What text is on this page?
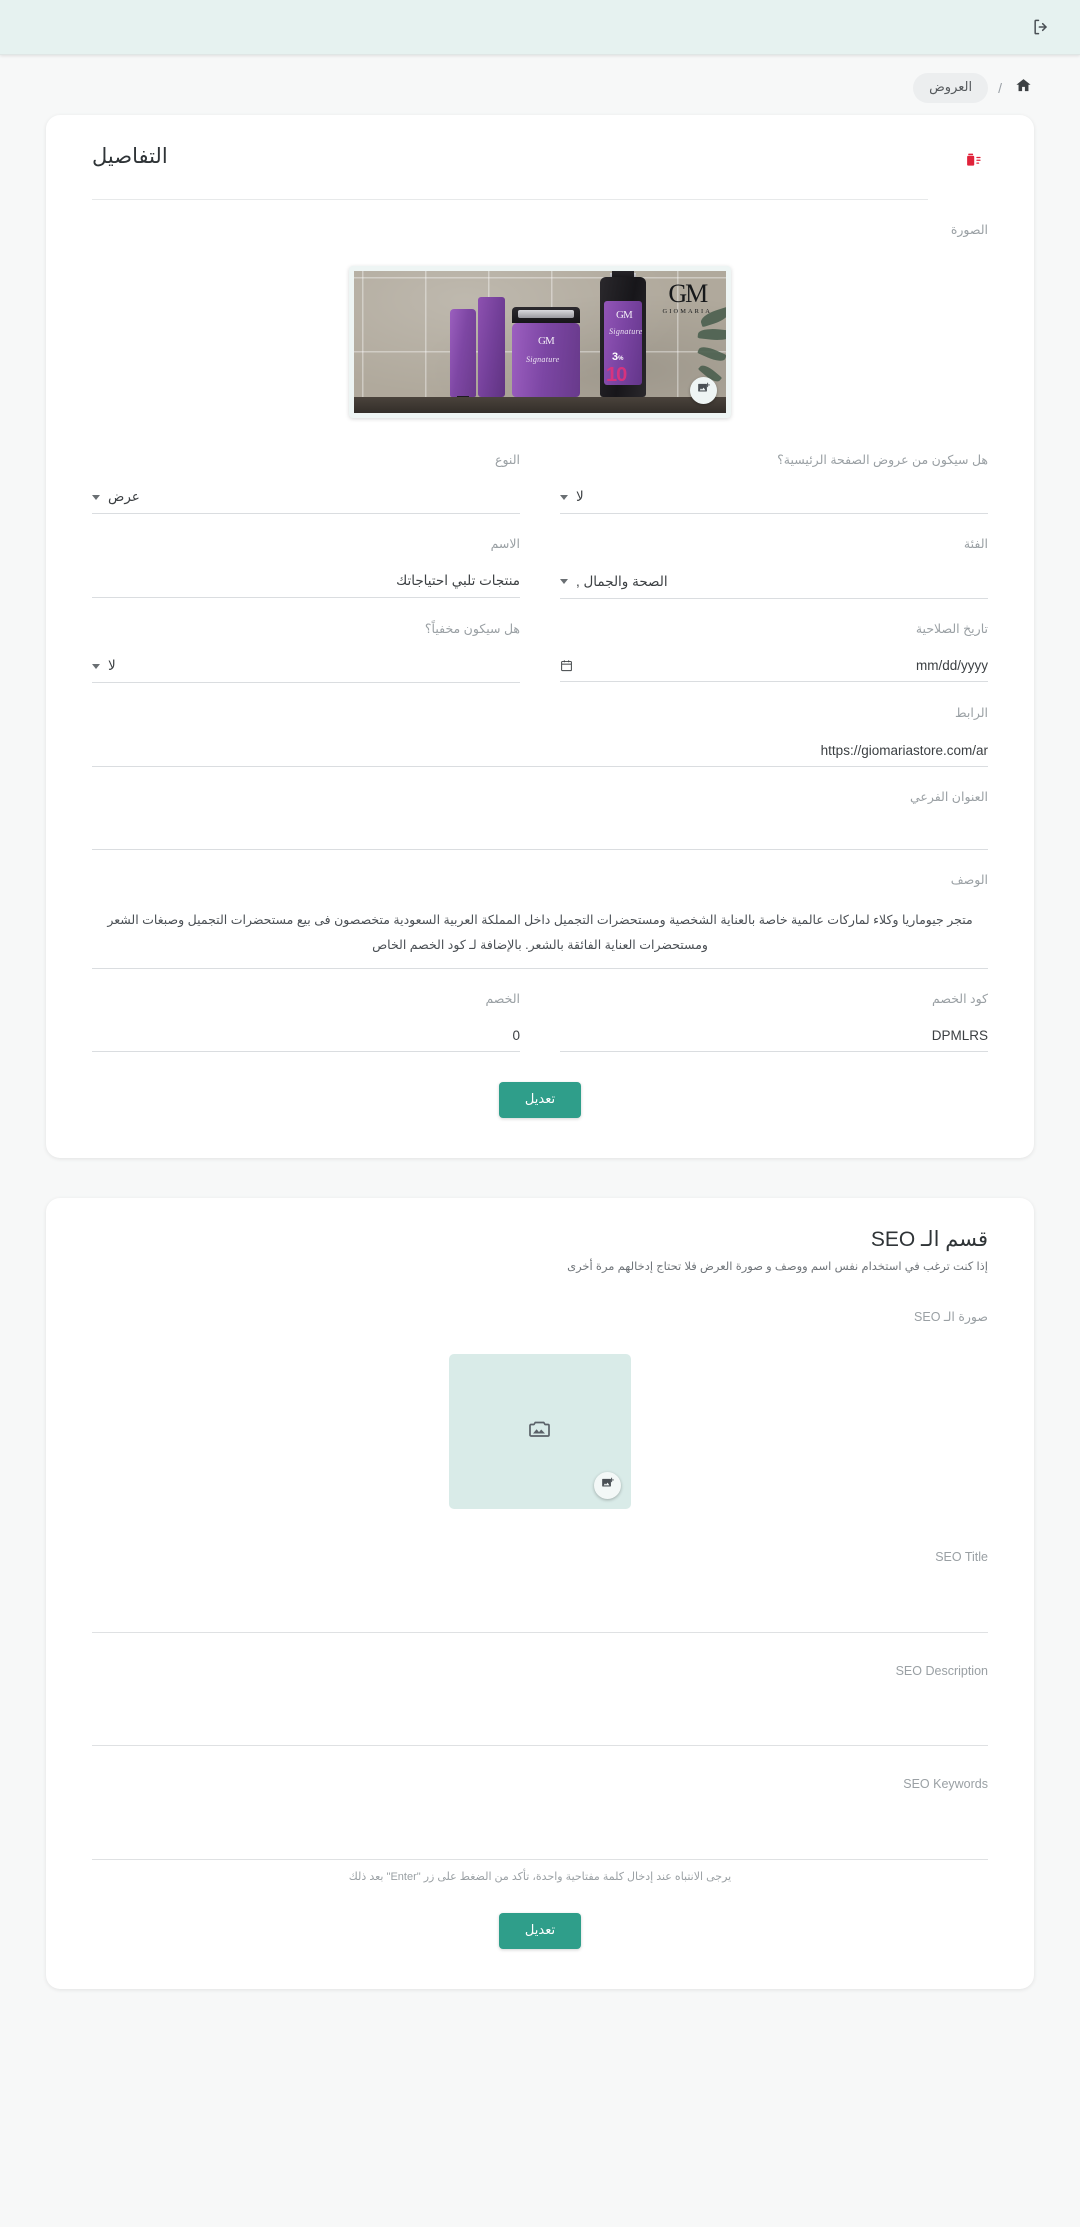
/
العروض
التفاصيل
الصورة
GM
GIOMARIA
GM
Signature
GM
Signature
3%
10
هل سيكون من عروض الصفحة الرئيسية؟
لا
النوع
عرض
الفئة
الصحة والجمال ,
الاسم
منتجات تلبي احتياجاتك
تاريخ الصلاحية
mm/dd/yyyy
هل سيكون مخفياً؟
لا
الرابط
https://giomariastore.com/ar
العنوان الفرعي
الوصف
متجر جيوماريا وكلاء لماركات عالمية خاصة بالعناية الشخصية ومستحضرات التجميل داخل المملكة العربية السعودية متخصصون فى بيع مستحضرات التجميل وصبغات الشعر ومستحضرات العناية الفائقة بالشعر. بالإضافة لـ كود الخصم الخاص
كود الخصم
DPMLRS
الخصم
0
تعديل
قسم الـ SEO
إذا كنت ترغب في استخدام نفس اسم ووصف و صورة العرض فلا تحتاج إدخالهم مرة أخرى
صورة الـ SEO
SEO Title
SEO Description
SEO Keywords
يرجى الانتباه عند إدخال كلمة مفتاحية واحدة، تأكد من الضغط على زر "Enter" بعد ذلك
تعديل
